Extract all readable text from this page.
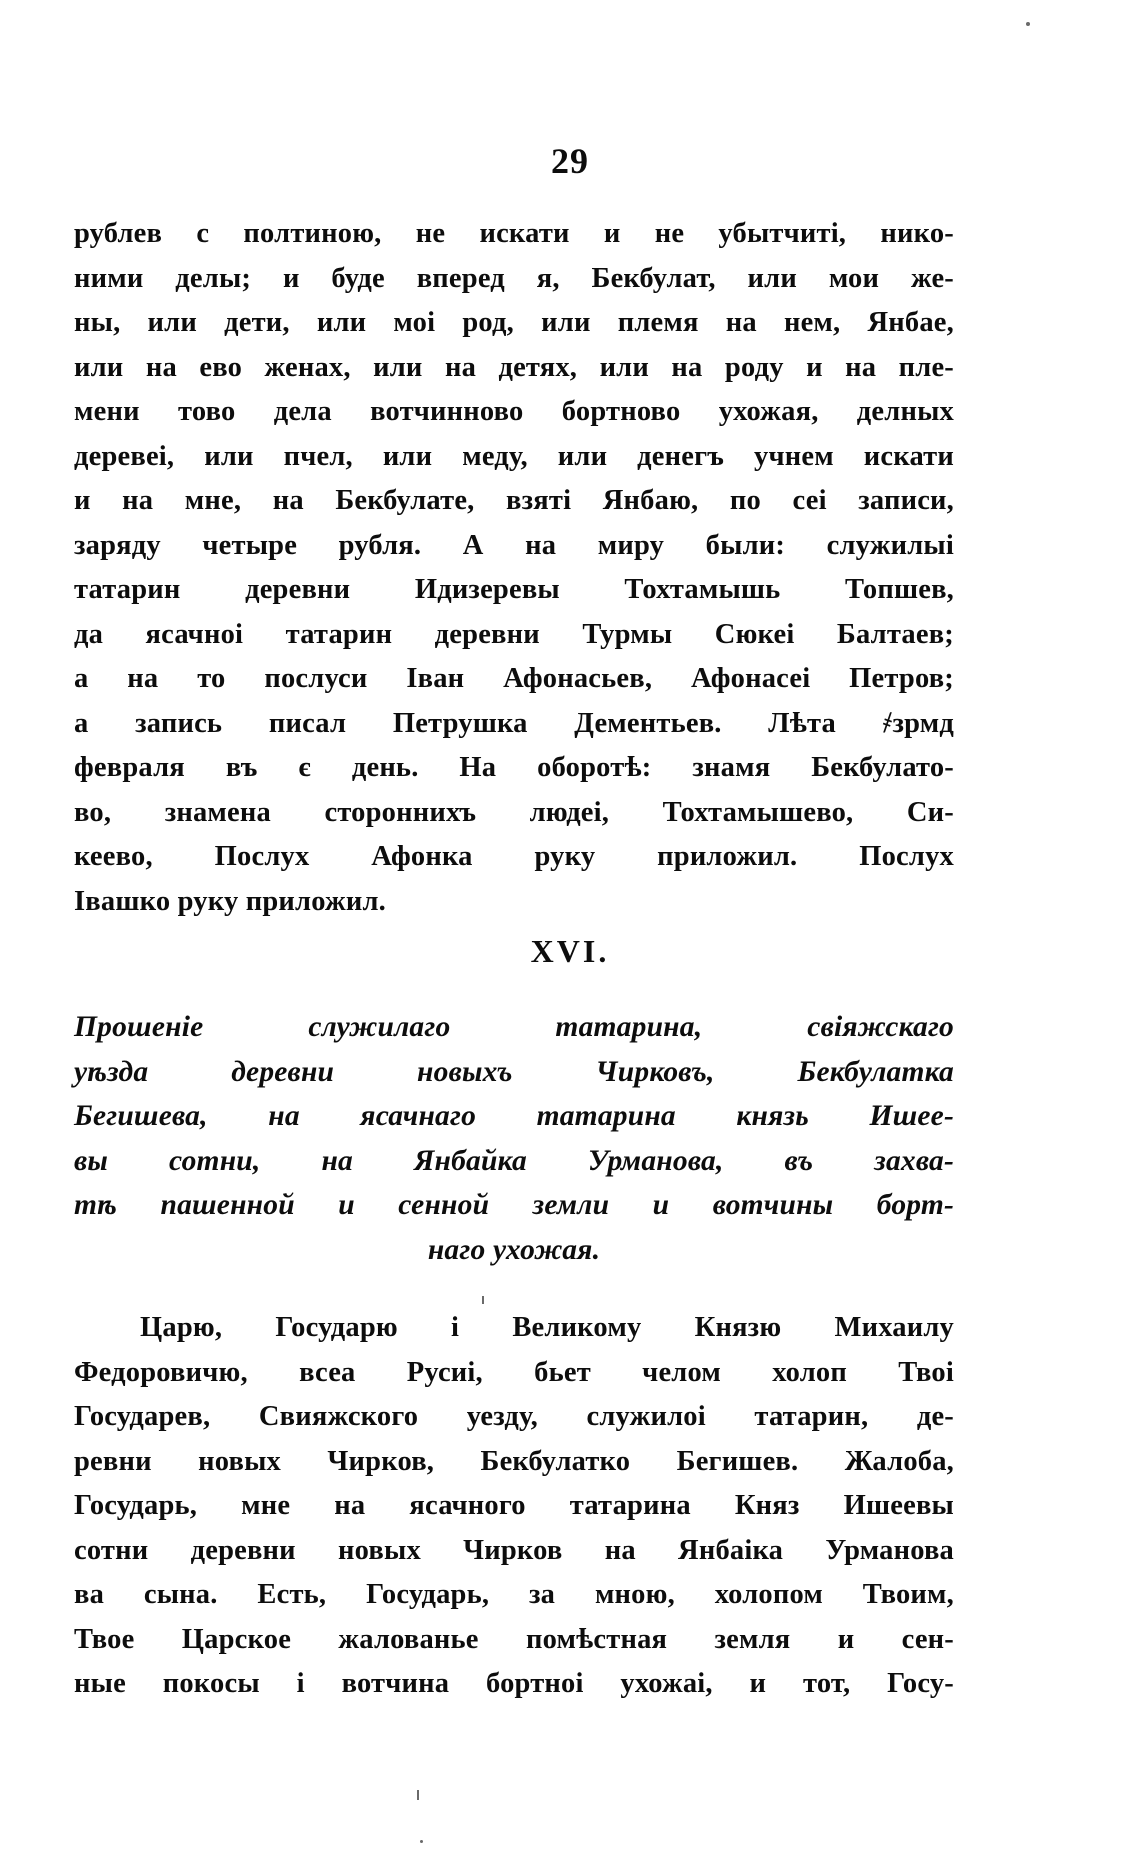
29
рублев с полтиною, не искати и не убытчиті, нико-
ними делы; и буде вперед я, Бекбулат, или мои же-
ны, или дети, или моі род, или племя на нем, Янбае,
или на ево женах, или на детях, или на роду и на пле-
мени тово дела вотчинново бортново ухожая, делных
деревеі, или пчел, или меду, или денегъ учнем искати
и на мне, на Бекбулате, взяті Янбаю, по сеі записи,
заряду четыре рубля. А на миру были: служилыі
татарин деревни Идизеревы Тохтамышь Топшев,
да ясачноі татарин деревни Турмы Сюкеі Балтаев;
а на то послуси Іван Афонасьев, Афонасеі Петров;
а запись писал Петрушка Дементьев. Лѣта ҂зрмд
февраля въ є день. На оборотѣ: знамя Бекбулато-
во, знамена стороннихъ людеі, Тохтамышево, Си-
кеево, Послух Афонка руку приложил. Послух
Івашко руку приложил.
XVI.
Прошеніе служилаго татарина, свіяжскаго
уѣзда деревни новыхъ Чирковъ, Бекбулатка
Бегишева, на ясачнаго татарина князь Ишее-
вы сотни, на Янбайка Урманова, въ захва-
тѣ пашенной и сенной земли и вотчины борт-
наго ухожая.
Царю, Государю і Великому Князю Михаилу
Федоровичю, всеа Русиі, бьет челом холоп Твоі
Государев, Свияжского уезду, служилоі татарин, де-
ревни новых Чирков, Бекбулатко Бегишев. Жалоба,
Государь, мне на ясачного татарина Княз Ишеевы
сотни деревни новых Чирков на Янбаіка Урманова
ва сына. Есть, Государь, за мною, холопом Твоим,
Твое Царское жалованье помѣстная земля и сен-
ные покосы і вотчина бортноі ухожаі, и тот, Госу-
